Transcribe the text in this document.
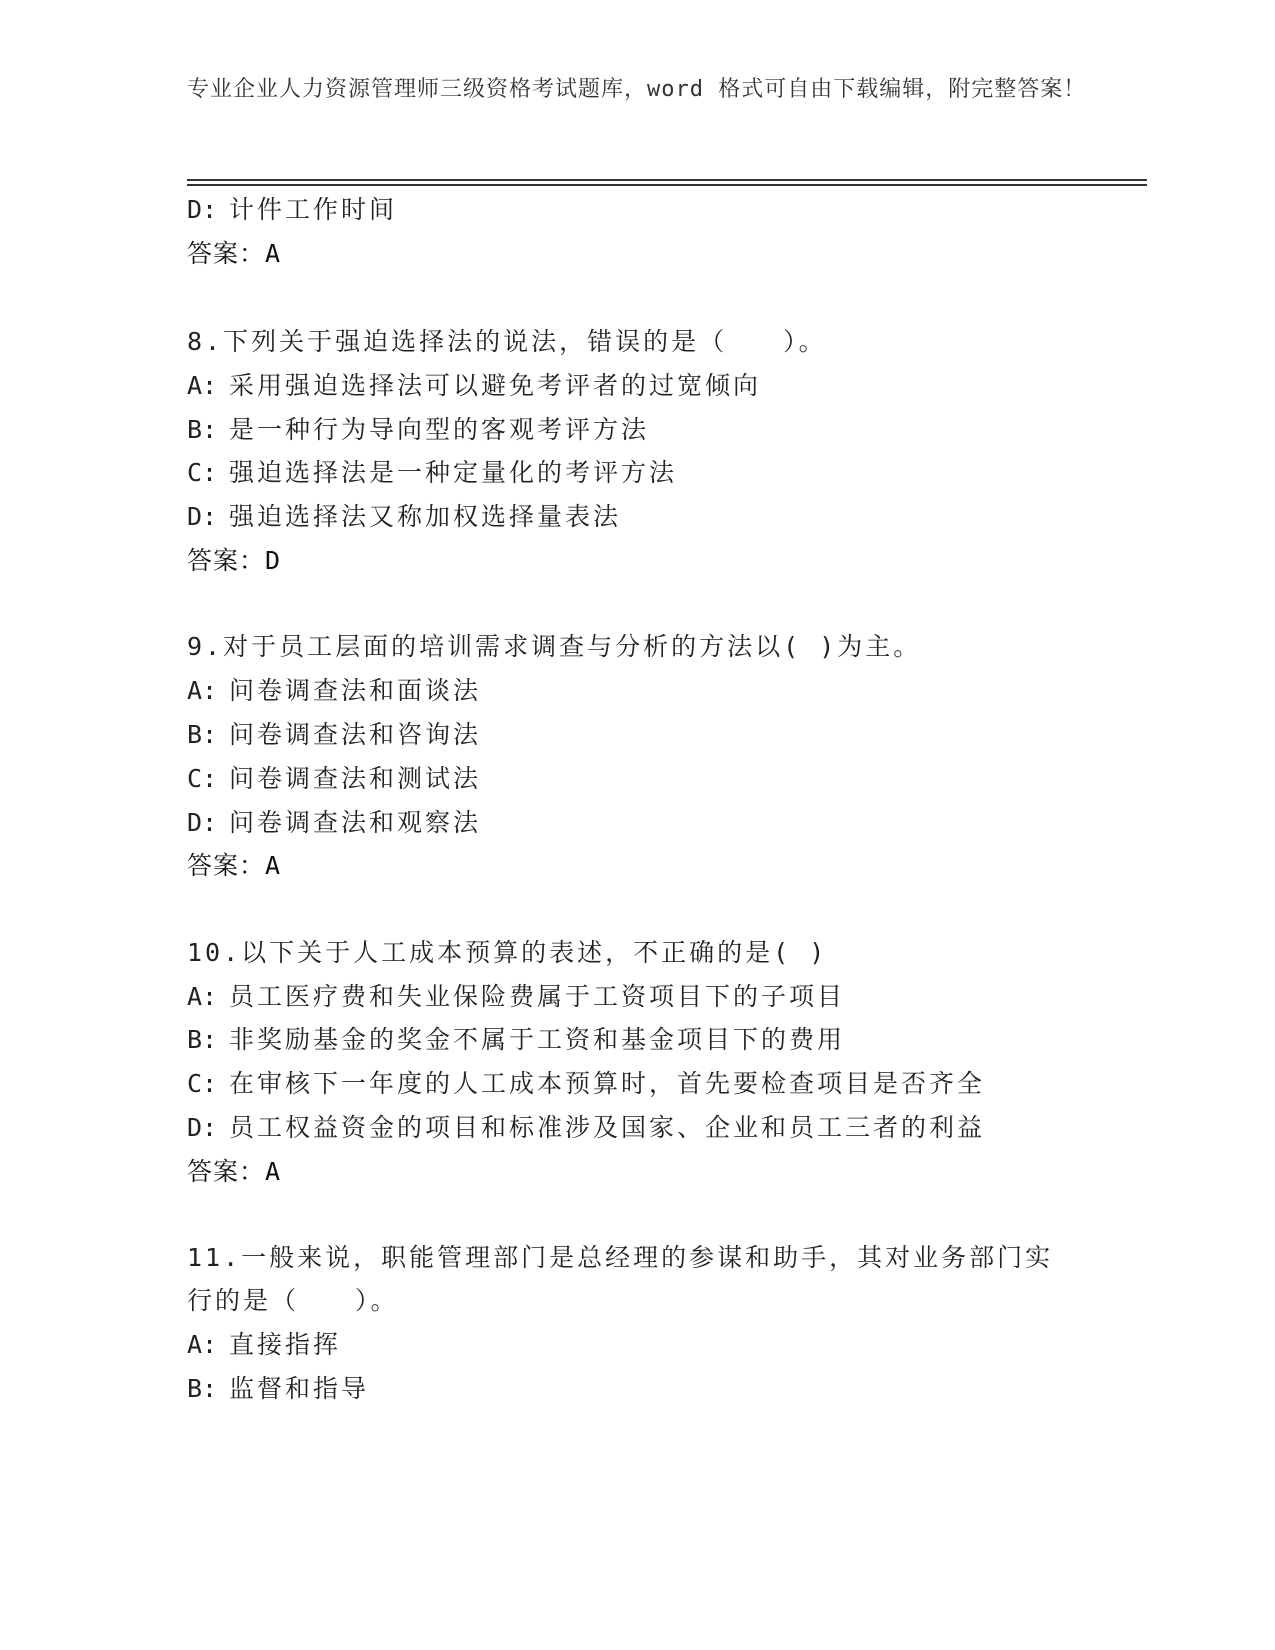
专业企业人力资源管理师三级资格考试题库，word 格式可自由下载编辑，附完整答案！
D: 计件工作时间
答案：A
8.下列关于强迫选择法的说法，错误的是（　　）。
A: 采用强迫选择法可以避免考评者的过宽倾向
B: 是一种行为导向型的客观考评方法
C: 强迫选择法是一种定量化的考评方法
D: 强迫选择法又称加权选择量表法
答案：D
9.对于员工层面的培训需求调查与分析的方法以( )为主。
A: 问卷调查法和面谈法
B: 问卷调查法和咨询法
C: 问卷调查法和测试法
D: 问卷调查法和观察法
答案：A
10.以下关于人工成本预算的表述，不正确的是( )
A: 员工医疗费和失业保险费属于工资项目下的子项目
B: 非奖励基金的奖金不属于工资和基金项目下的费用
C: 在审核下一年度的人工成本预算时，首先要检查项目是否齐全
D: 员工权益资金的项目和标准涉及国家、企业和员工三者的利益
答案：A
11.一般来说，职能管理部门是总经理的参谋和助手，其对业务部门实
行的是（　　）。
A: 直接指挥
B: 监督和指导
